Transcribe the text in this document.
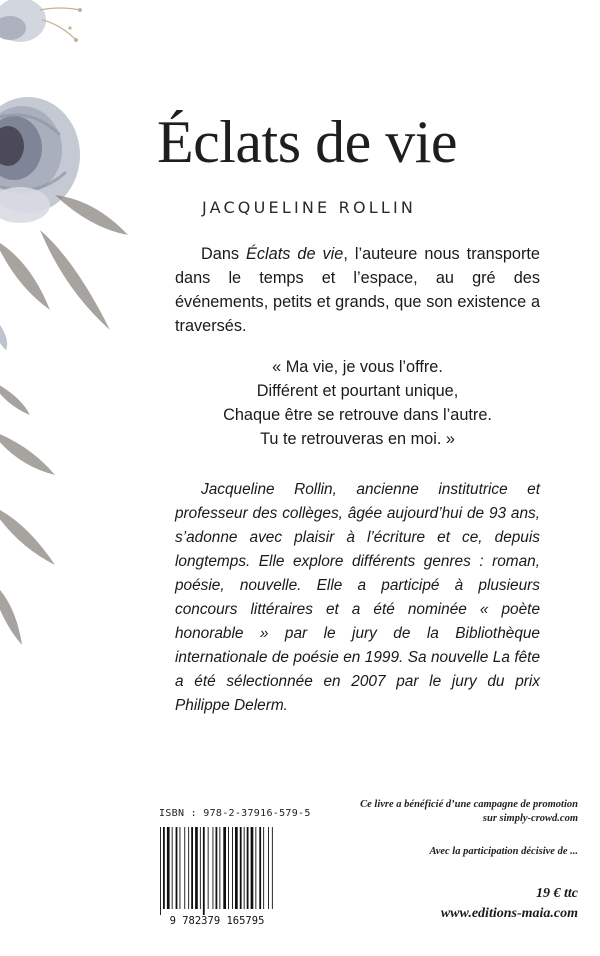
Éclats de vie
JACQUELINE ROLLIN
Dans Éclats de vie, l’auteure nous transporte dans le temps et l’espace, au gré des événements, petits et grands, que son existence a traversés.
« Ma vie, je vous l’offre.
Différent et pourtant unique,
Chaque être se retrouve dans l’autre.
Tu te retrouveras en moi. »
Jacqueline Rollin, ancienne institutrice et professeur des collèges, âgée aujourd’hui de 93 ans, s’adonne avec plaisir à l’écriture et ce, depuis longtemps. Elle explore différents genres : roman, poésie, nouvelle. Elle a participé à plusieurs concours littéraires et a été nominée « poète honorable » par le jury de la Bibliothèque internationale de poésie en 1999. Sa nouvelle La fête a été sélectionnée en 2007 par le jury du prix Philippe Delerm.
ISBN : 978-2-37916-579-5
9 782379 165795
Ce livre a bénéficié d’une campagne de promotion
sur simply-crowd.com
Avec la participation décisive de ...
19 € ttc
www.editions-maia.com
